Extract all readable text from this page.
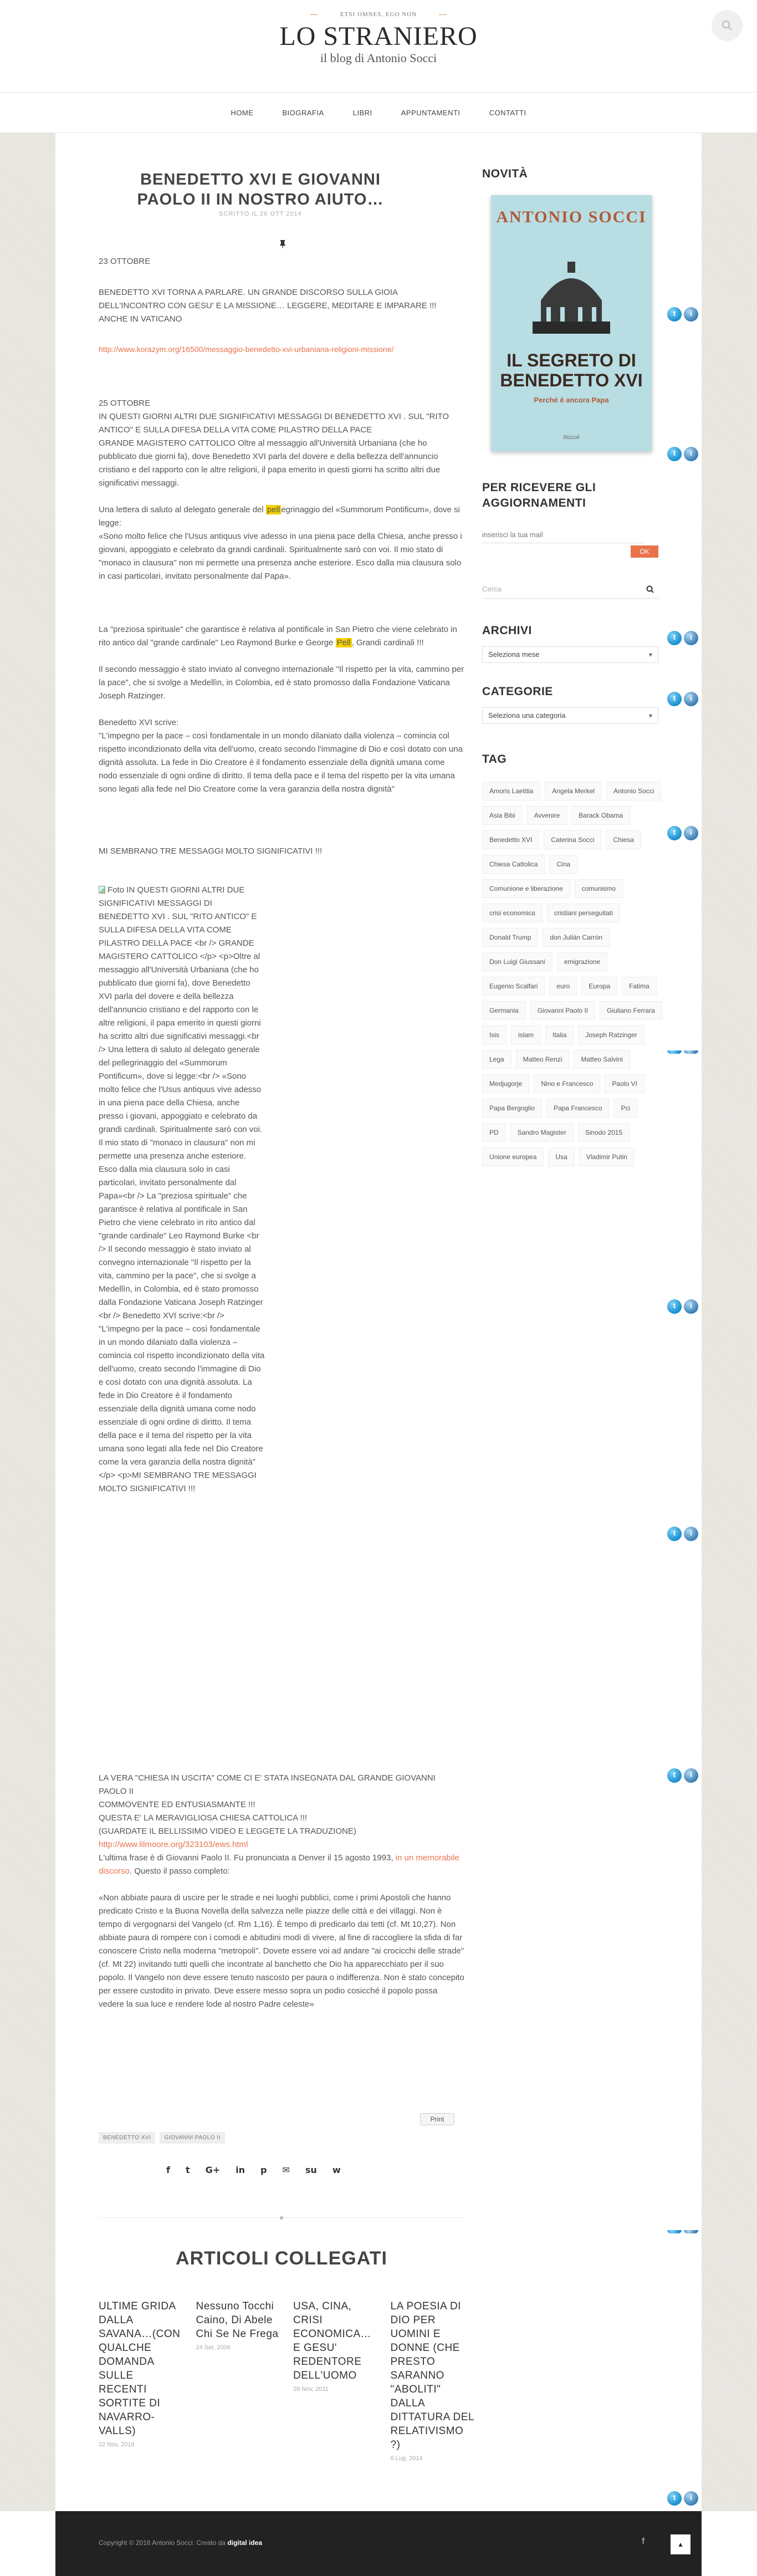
ETSI OMNES, EGO NON
LO STRANIERO
il blog di Antonio Socci
HOME	BIOGRAFIA	LIBRI	APPUNTAMENTI	CONTATTI
BENEDETTO XVI E GIOVANNI PAOLO II IN NOSTRO AIUTO…
SCRITTO IL 26 OTT 2014
23 OTTOBRE
BENEDETTO XVI TORNA A PARLARE. UN GRANDE DISCORSO SULLA GIOIA DELL'INCONTRO CON GESU' E LA MISSIONE… LEGGERE, MEDITARE E IMPARARE !!! ANCHE IN VATICANO
http://www.korazym.org/16500/messaggio-benedetto-xvi-urbaniana-religioni-missione/
25 OTTOBRE
IN QUESTI GIORNI ALTRI DUE SIGNIFICATIVI MESSAGGI DI BENEDETTO XVI . SUL "RITO ANTICO" E SULLA DIFESA DELLA VITA COME PILASTRO DELLA PACE
GRANDE MAGISTERO CATTOLICO Oltre al messaggio all'Università Urbaniana (che ho pubblicato due giorni fa), dove Benedetto XVI parla del dovere e della bellezza dell'annuncio cristiano e del rapporto con le altre religioni, il papa emerito in questi giorni ha scritto altri due significativi messaggi.
Una lettera di saluto al delegato generale del pell egrinaggio del «Summorum Pontificum», dove si legge:
«Sono molto felice che l'Usus antiquus vive adesso in una piena pace della Chiesa, anche presso i giovani, appoggiato e celebrato da grandi cardinali. Spiritualmente sarò con voi. Il mio stato di "monaco in clausura" non mi permette una presenza anche esteriore. Esco dalla mia clausura solo in casi particolari, invitato personalmente dal Papa».
La "preziosa spirituale" che garantisce è relativa al pontificale in San Pietro che viene celebrato in rito antico dal "grande cardinale" Leo Raymond Burke e George Pell , Grandi cardinali !!!
Il secondo messaggio è stato inviato al convegno internazionale "Il rispetto per la vita, cammino per la pace", che si svolge a Medellìn, in Colombia, ed è stato promosso dalla Fondazione Vaticana Joseph Ratzinger.
Benedetto XVI scrive:
"L'impegno per la pace – così fondamentale in un mondo dilaniato dalla violenza – comincia col rispetto incondizionato della vita dell'uomo, creato secondo l'immagine di Dio e così dotato con una dignità assoluta. La fede in Dio Creatore è il fondamento essenziale della dignità umana come nodo essenziale di ogni ordine di diritto. Il tema della pace e il tema del rispetto per la vita umana sono legati alla fede nel Dio Creatore come la vera garanzia della nostra dignità"
MI SEMBRANO TRE MESSAGGI MOLTO SIGNIFICATIVI !!!
Foto IN QUESTI GIORNI ALTRI DUE SIGNIFICATIVI MESSAGGI DI BENEDETTO XVI . SUL "RITO ANTICO" E SULLA DIFESA DELLA VITA COME PILASTRO DELLA PACE <br /> GRANDE MAGISTERO CATTOLICO </p> <p>Oltre al messaggio all'Università Urbaniana (che ho pubblicato due giorni fa), dove Benedetto XVI parla del dovere e della bellezza dell'annuncio cristiano e del rapporto con le altre religioni, il papa emerito in questi giorni ha scritto altri due significativi messaggi.<br /> Una lettera di saluto al delegato generale del pellegrinaggio del «Summorum Pontificum», dove si legge:<br /> «Sono molto felice che l'Usus antiquus vive adesso in una piena pace della Chiesa, anche presso i giovani, appoggiato e celebrato da grandi cardinali. Spiritualmente sarò con voi. Il mio stato di "monaco in clausura" non mi permette una presenza anche esteriore. Esco dalla mia clausura solo in casi particolari, invitato personalmente dal Papa»<br /> La "preziosa spirituale" che garantisce è relativa al pontificale in San Pietro che viene celebrato in rito antico dal "grande cardinale" Leo Raymond Burke <br /> Il secondo messaggio è stato inviato al convegno internazionale "Il rispetto per la vita, cammino per la pace", che si svolge a Medellìn, in Colombia, ed è stato promosso dalla Fondazione Vaticana Joseph Ratzinger <br /> Benedetto XVI scrive:<br /> "L'impegno per la pace – così fondamentale in un mondo dilaniato dalla violenza – comincia col rispetto incondizionato della vita dell'uomo, creato secondo l'immagine di Dio e così dotato con una dignità assoluta. La fede in Dio Creatore è il fondamento essenziale della dignità umana come nodo essenziale di ogni ordine di diritto. Il tema della pace e il tema del rispetto per la vita umana sono legati alla fede nel Dio Creatore come la vera garanzia della nostra dignità" </p> <p>MI SEMBRANO TRE MESSAGGI MOLTO SIGNIFICATIVI !!!
LA VERA "CHIESA IN USCITA" COME CI E' STATA INSEGNATA DAL GRANDE GIOVANNI PAOLO II
COMMOVENTE ED ENTUSIASMANTE !!!
QUESTA E' LA MERAVIGLIOSA CHIESA CATTOLICA !!!
(GUARDATE IL BELLISSIMO VIDEO E LEGGETE LA TRADUZIONE)
http://www.lilmoore.org/323103/ews.html
L'ultima frase è di Giovanni Paolo II. Fu pronunciata a Denver il 15 agosto 1993, in un memorabile discorso. Questo il passo completo:
«Non abbiate paura di uscire per le strade e nei luoghi pubblici, come i primi Apostoli che hanno predicato Cristo e la Buona Novella della salvezza nelle piazze delle città e dei villaggi. Non è tempo di vergognarsi del Vangelo (cf. Rm 1,16). È tempo di predicarlo dai tetti (cf. Mt 10,27). Non abbiate paura di rompere con i comodi e abitudini modi di vivere, al fine di raccogliere la sfida di far conoscere Cristo nella moderna "metropoli". Dovete essere voi ad andare "ai crocicchi delle strade" (cf. Mt 22) invitando tutti quelli che incontrate al banchetto che Dio ha apparecchiato per il suo popolo. Il Vangelo non deve essere tenuto nascosto per paura o indifferenza. Non è stato concepito per essere custodito in privato. Deve essere messo sopra un podio cosicché il popolo possa vedere la sua luce e rendere lode al nostro Padre celeste»
Print
BENEDETTO XVI	GIOVANNI PAOLO II
f t G+ in p ✉ su w
ARTICOLI COLLEGATI
ULTIME GRIDA DALLA SAVANA…(CON QUALCHE DOMANDA SULLE RECENTI SORTITE DI NAVARRO-VALLS)
22 Nov, 2016
Nessuno Tocchi Caino, Di Abele Chi Se Ne Frega
24 Set, 2006
USA, CINA, CRISI ECONOMICA… E GESU' REDENTORE DELL'UOMO
28 Nov, 2011
LA POESIA DI DIO PER UOMINI E DONNE (CHE PRESTO SARANNO "ABOLITI" DALLA DITTATURA DEL RELATIVISMO ?)
6 Lug, 2014
NOVITÀ
ANTONIO SOCCI
IL SEGRETO DI BENEDETTO XVI
Perché è ancora Papa
Rizzoli
PER RICEVERE GLI AGGIORNAMENTI
inserisci la tua mail
OK
Cerca
ARCHIVI
Seleziona mese ▾
CATEGORIE
Seleziona una categoria ▾
TAG
Amoris Laetitia	Angela Merkel	Antonio Socci
Asia Bibi	Avvenire	Barack Obama
Benedetto XVI	Caterina Socci	Chiesa
Chiesa Cattolica	Cina
Comunione e liberazione	comunismo
crisi economica	cristiani perseguitati
Donald Trump	don Julián Carrón
Don Luigi Giussani	emigrazione
Eugenio Scalfari	euro	Europa	Fatima
Germania	Giovanni Paolo II	Giuliano Ferrara
Isis	islam	Italia	Joseph Ratzinger
Lega	Matteo Renzi	Matteo Salvini
Medjugorje	Nino e Francesco	Paolo VI
Papa Bergoglio	Papa Francesco	Pci
PD	Sandro Magister	Sinodo 2015
Unione europea	Usa	Vladimir Putin
t
i
t
i
t
i
t
i
t
i
t
i
t
i
t
i
t
i
Copyright © 2016 Antonio Socci. Creato da digital idea	f	▲
